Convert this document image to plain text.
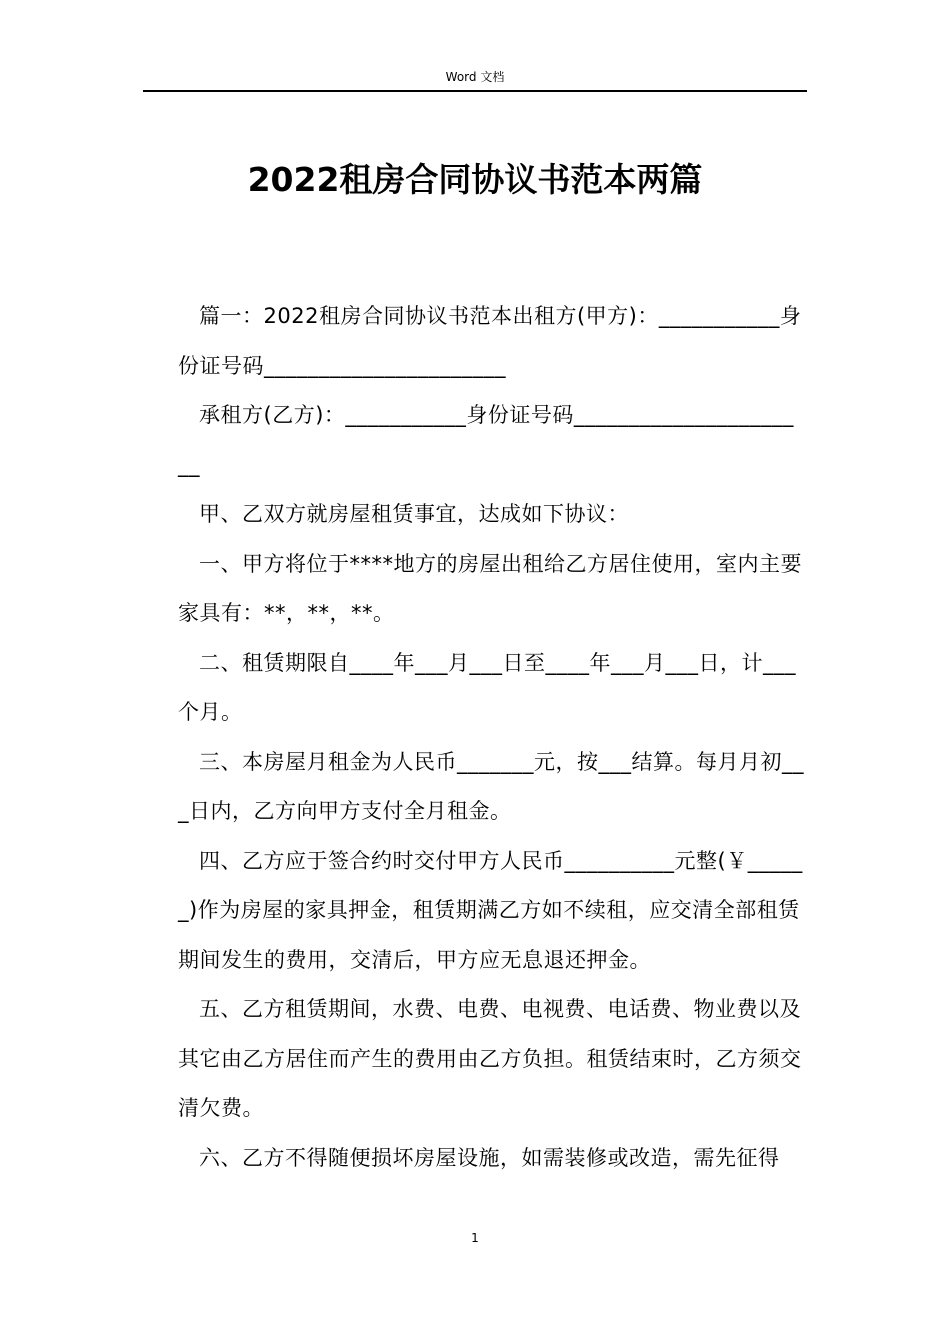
Word 文档
2022租房合同协议书范本两篇

篇一：2022租房合同协议书范本出租方(甲方)：___________身份证号码______________________

承租方(乙方)：___________身份证号码______________________

甲、乙双方就房屋租赁事宜，达成如下协议：

一、甲方将位于****地方的房屋出租给乙方居住使用，室内主要家具有：**，**，**。

二、租赁期限自____年___月___日至____年___月___日，计___个月。

三、本房屋月租金为人民币_______元，按___结算。每月月初___日内，乙方向甲方支付全月租金。

四、乙方应于签合约时交付甲方人民币__________元整(￥______)作为房屋的家具押金，租赁期满乙方如不续租，应交清全部租赁期间发生的费用，交清后，甲方应无息退还押金。

五、乙方租赁期间，水费、电费、电视费、电话费、物业费以及其它由乙方居住而产生的费用由乙方负担。租赁结束时，乙方须交清欠费。

六、乙方不得随便损坏房屋设施，如需装修或改造，需先征得

1
